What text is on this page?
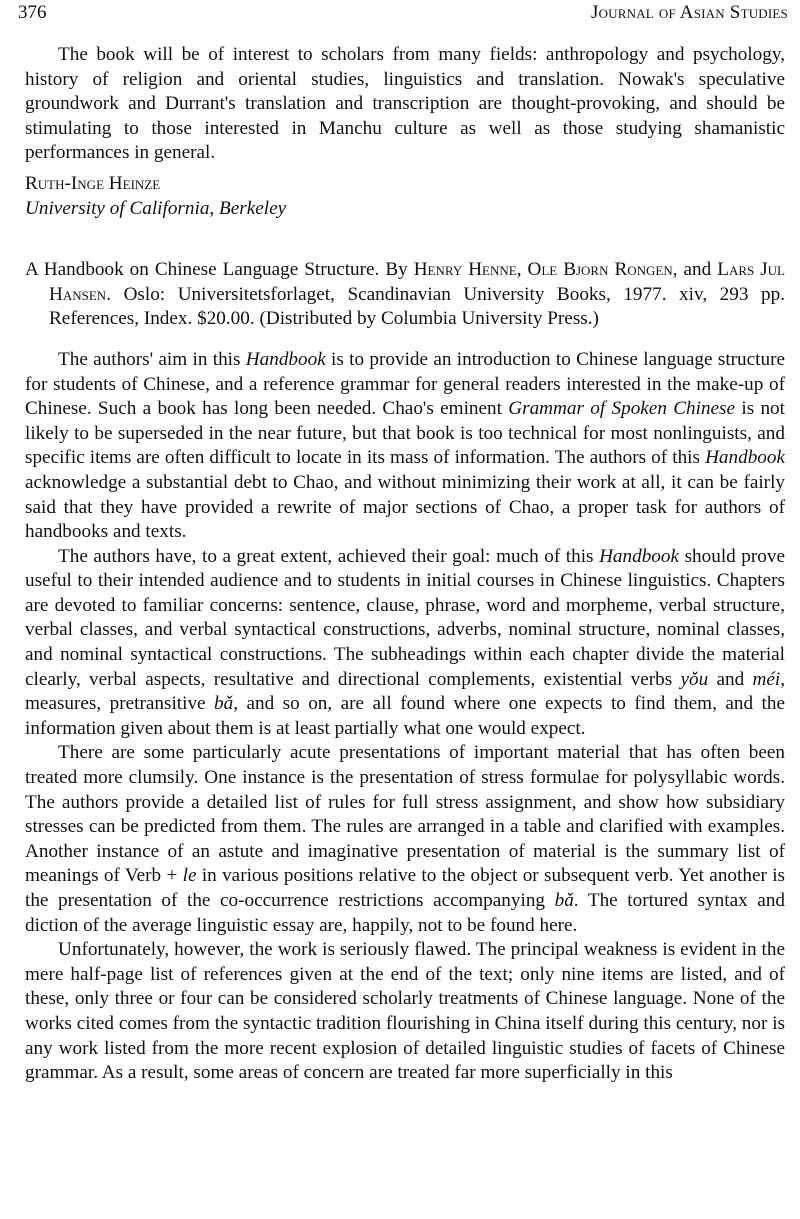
376	Journal of Asian Studies

The book will be of interest to scholars from many fields: anthropology and psychology, history of religion and oriental studies, linguistics and translation. Nowak's speculative groundwork and Durrant's translation and transcription are thought-provoking, and should be stimulating to those interested in Manchu culture as well as those studying shamanistic performances in general.

Ruth-Inge Heinze

University of California, Berkeley

A Handbook on Chinese Language Structure. By Henry Henne, Ole Bjorn Rongen, and Lars Jul Hansen. Oslo: Universitetsforlaget, Scandinavian University Books, 1977. xiv, 293 pp. References, Index. $20.00. (Distributed by Columbia University Press.)

The authors' aim in this Handbook is to provide an introduction to Chinese language structure for students of Chinese, and a reference grammar for general readers interested in the make-up of Chinese. Such a book has long been needed. Chao's eminent Grammar of Spoken Chinese is not likely to be superseded in the near future, but that book is too technical for most nonlinguists, and specific items are often difficult to locate in its mass of information. The authors of this Handbook acknowledge a substantial debt to Chao, and without minimizing their work at all, it can be fairly said that they have provided a rewrite of major sections of Chao, a proper task for authors of handbooks and texts.

The authors have, to a great extent, achieved their goal: much of this Handbook should prove useful to their intended audience and to students in initial courses in Chinese linguistics. Chapters are devoted to familiar concerns: sentence, clause, phrase, word and morpheme, verbal structure, verbal classes, and verbal syntactical constructions, adverbs, nominal structure, nominal classes, and nominal syntactical constructions. The subheadings within each chapter divide the material clearly, verbal aspects, resultative and directional complements, existential verbs yǒu and méi, measures, pretransitive bǎ, and so on, are all found where one expects to find them, and the information given about them is at least partially what one would expect.

There are some particularly acute presentations of important material that has often been treated more clumsily. One instance is the presentation of stress formulae for polysyllabic words. The authors provide a detailed list of rules for full stress assignment, and show how subsidiary stresses can be predicted from them. The rules are arranged in a table and clarified with examples. Another instance of an astute and imaginative presentation of material is the summary list of meanings of Verb + le in various positions relative to the object or subsequent verb. Yet another is the presentation of the co-occurrence restrictions accompanying bǎ. The tortured syntax and diction of the average linguistic essay are, happily, not to be found here.

Unfortunately, however, the work is seriously flawed. The principal weakness is evident in the mere half-page list of references given at the end of the text; only nine items are listed, and of these, only three or four can be considered scholarly treatments of Chinese language. None of the works cited comes from the syntactic tradition flourishing in China itself during this century, nor is any work listed from the more recent explosion of detailed linguistic studies of facets of Chinese grammar. As a result, some areas of concern are treated far more superficially in this
